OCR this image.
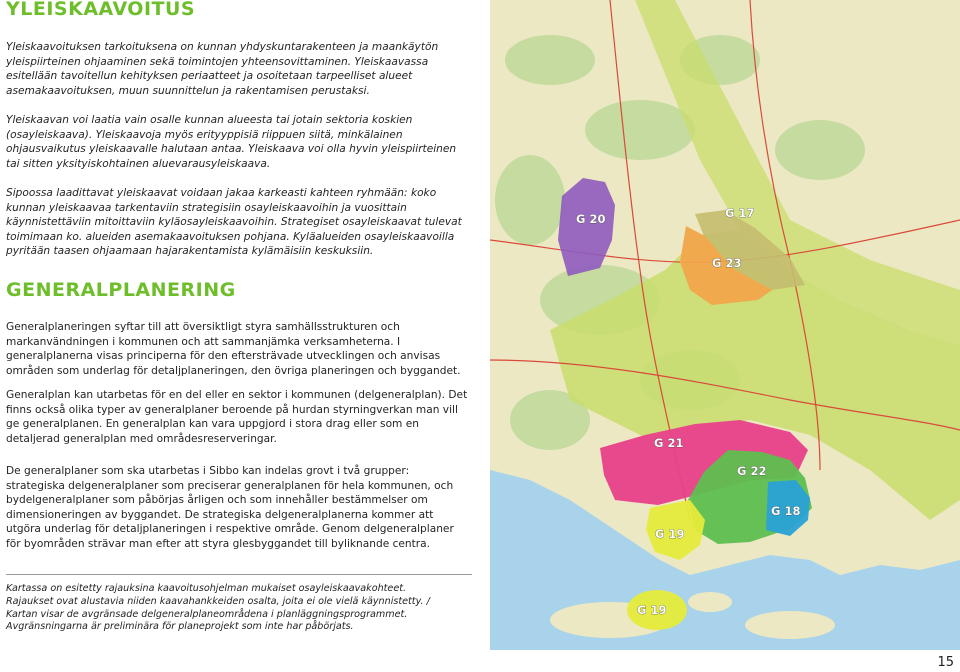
YLEISKAAVOITUS

Yleiskaavoituksen tarkoituksena on kunnan yhdyskuntarakenteen ja maankäytön yleispiirteinen ohjaaminen sekä toimintojen yhteensovittaminen. Yleiskaavassa esitellään tavoitellun kehityksen periaatteet ja osoitetaan tarpeelliset alueet asemakaavoituksen, muun suunnittelun ja rakentamisen perustaksi.

Yleiskaavan voi laatia vain osalle kunnan alueesta tai jotain sektoria koskien (osayleiskaava). Yleiskaavoja myös erityyppisiä riippuen siitä, minkälainen ohjausvaikutus yleiskaavalle halutaan antaa. Yleiskaava voi olla hyvin yleispiirteinen tai sitten yksityiskohtainen aluevarausyleiskaava.

Sipoossa laadittavat yleiskaavat voidaan jakaa karkeasti kahteen ryhmään: koko kunnan yleiskaavaa tarkentaviin strategisiin osayleiskaavoihin ja vuosittain käynnistettäviin mitoittaviin kyläosayleiskaavoihin. Strategiset osayleiskaavat tulevat toimimaan ko. alueiden asemakaavoituksen pohjana. Kyläalueiden osayleiskaavoilla pyritään taasen ohjaamaan hajarakentamista kylämäisiin keskuksiin.

GENERALPLANERING

Generalplaneringen syftar till att översiktligt styra samhällsstrukturen och markanvändningen i kommunen och att sammanjämka verksamheterna. I generalplanerna visas principerna för den eftersträvade utvecklingen och anvisas områden som underlag för detaljplaneringen, den övriga planeringen och byggandet.

Generalplan kan utarbetas för en del eller en sektor i kommunen (delgeneralplan). Det finns också olika typer av generalplaner beroende på hurdan styrningverkan man vill ge generalplanen. En generalplan kan vara uppgjord i stora drag eller som en detaljerad generalplan med områdesreserveringar.

De generalplaner som ska utarbetas i Sibbo kan indelas grovt i två grupper: strategiska delgeneralplaner som preciserar generalplanen för hela kommunen, och bydelgeneralplaner som påbörjas årligen och som innehåller bestämmelser om dimensioneringen av byggandet. De strategiska delgeneralplanerna kommer att utgöra underlag för detaljplaneringen i respektive område. Genom delgeneralplaner för byområden strävar man efter att styra glesbyggandet till byliknande centra.

Kartassa on esitetty rajauksina kaavoitusohjelman mukaiset osayleiskaavakohteet.
Rajaukset ovat alustavia niiden kaavahankkeiden osalta, joita ei ole vielä käynnistetty. /
Kartan visar de avgränsade delgeneralplaneområdena i planläggningsprogrammet.
Avgränsningarna är preliminära för planeprojekt som inte har påbörjats.
G 20	G 17
G 23
G 21
G 22
G 18
G 19
G 19
15
